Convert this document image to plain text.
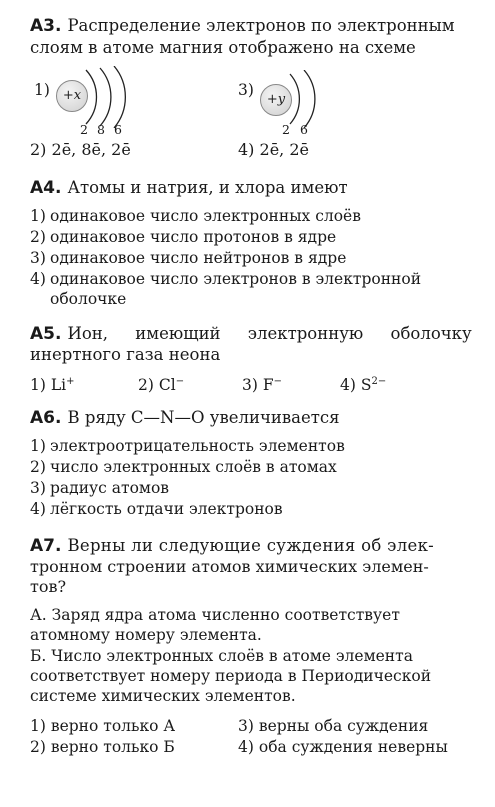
А3. Распределение электронов по электронным
слоям в атоме магния отображено на схеме
1) +x
2 8 6
3)
+y
2 6
2) 2ē, 8ē, 2ē	4) 2ē, 2ē
А4. Атомы и натрия, и хлора имеют
1) одинаковое число электронных слоёв
2) одинаковое число протонов в ядре
3) одинаковое число нейтронов в ядре
4) одинаковое число электронов в электронной
оболочке
А5. Ион, имеющий электронную оболочку
инертного газа неона
1) Li+	2) Cl−	3) F−	4) $S^{2-}$
А6. В ряду C—N—O увеличивается
1) электроотрицательность элементов
2) число электронных слоёв в атомах
3) радиус атомов
4) лёгкость отдачи электронов
А7. Верны ли следующие суждения об элек-
тронном строении атомов химических элемен-
тов?
А. Заряд ядра атома численно соответствует
атомному номеру элемента.
Б. Число электронных слоёв в атоме элемента
соответствует номеру периода в Периодической
системе химических элементов.
1) верно только А	3) верны оба суждения
2) верно только Б	4) оба суждения неверны
